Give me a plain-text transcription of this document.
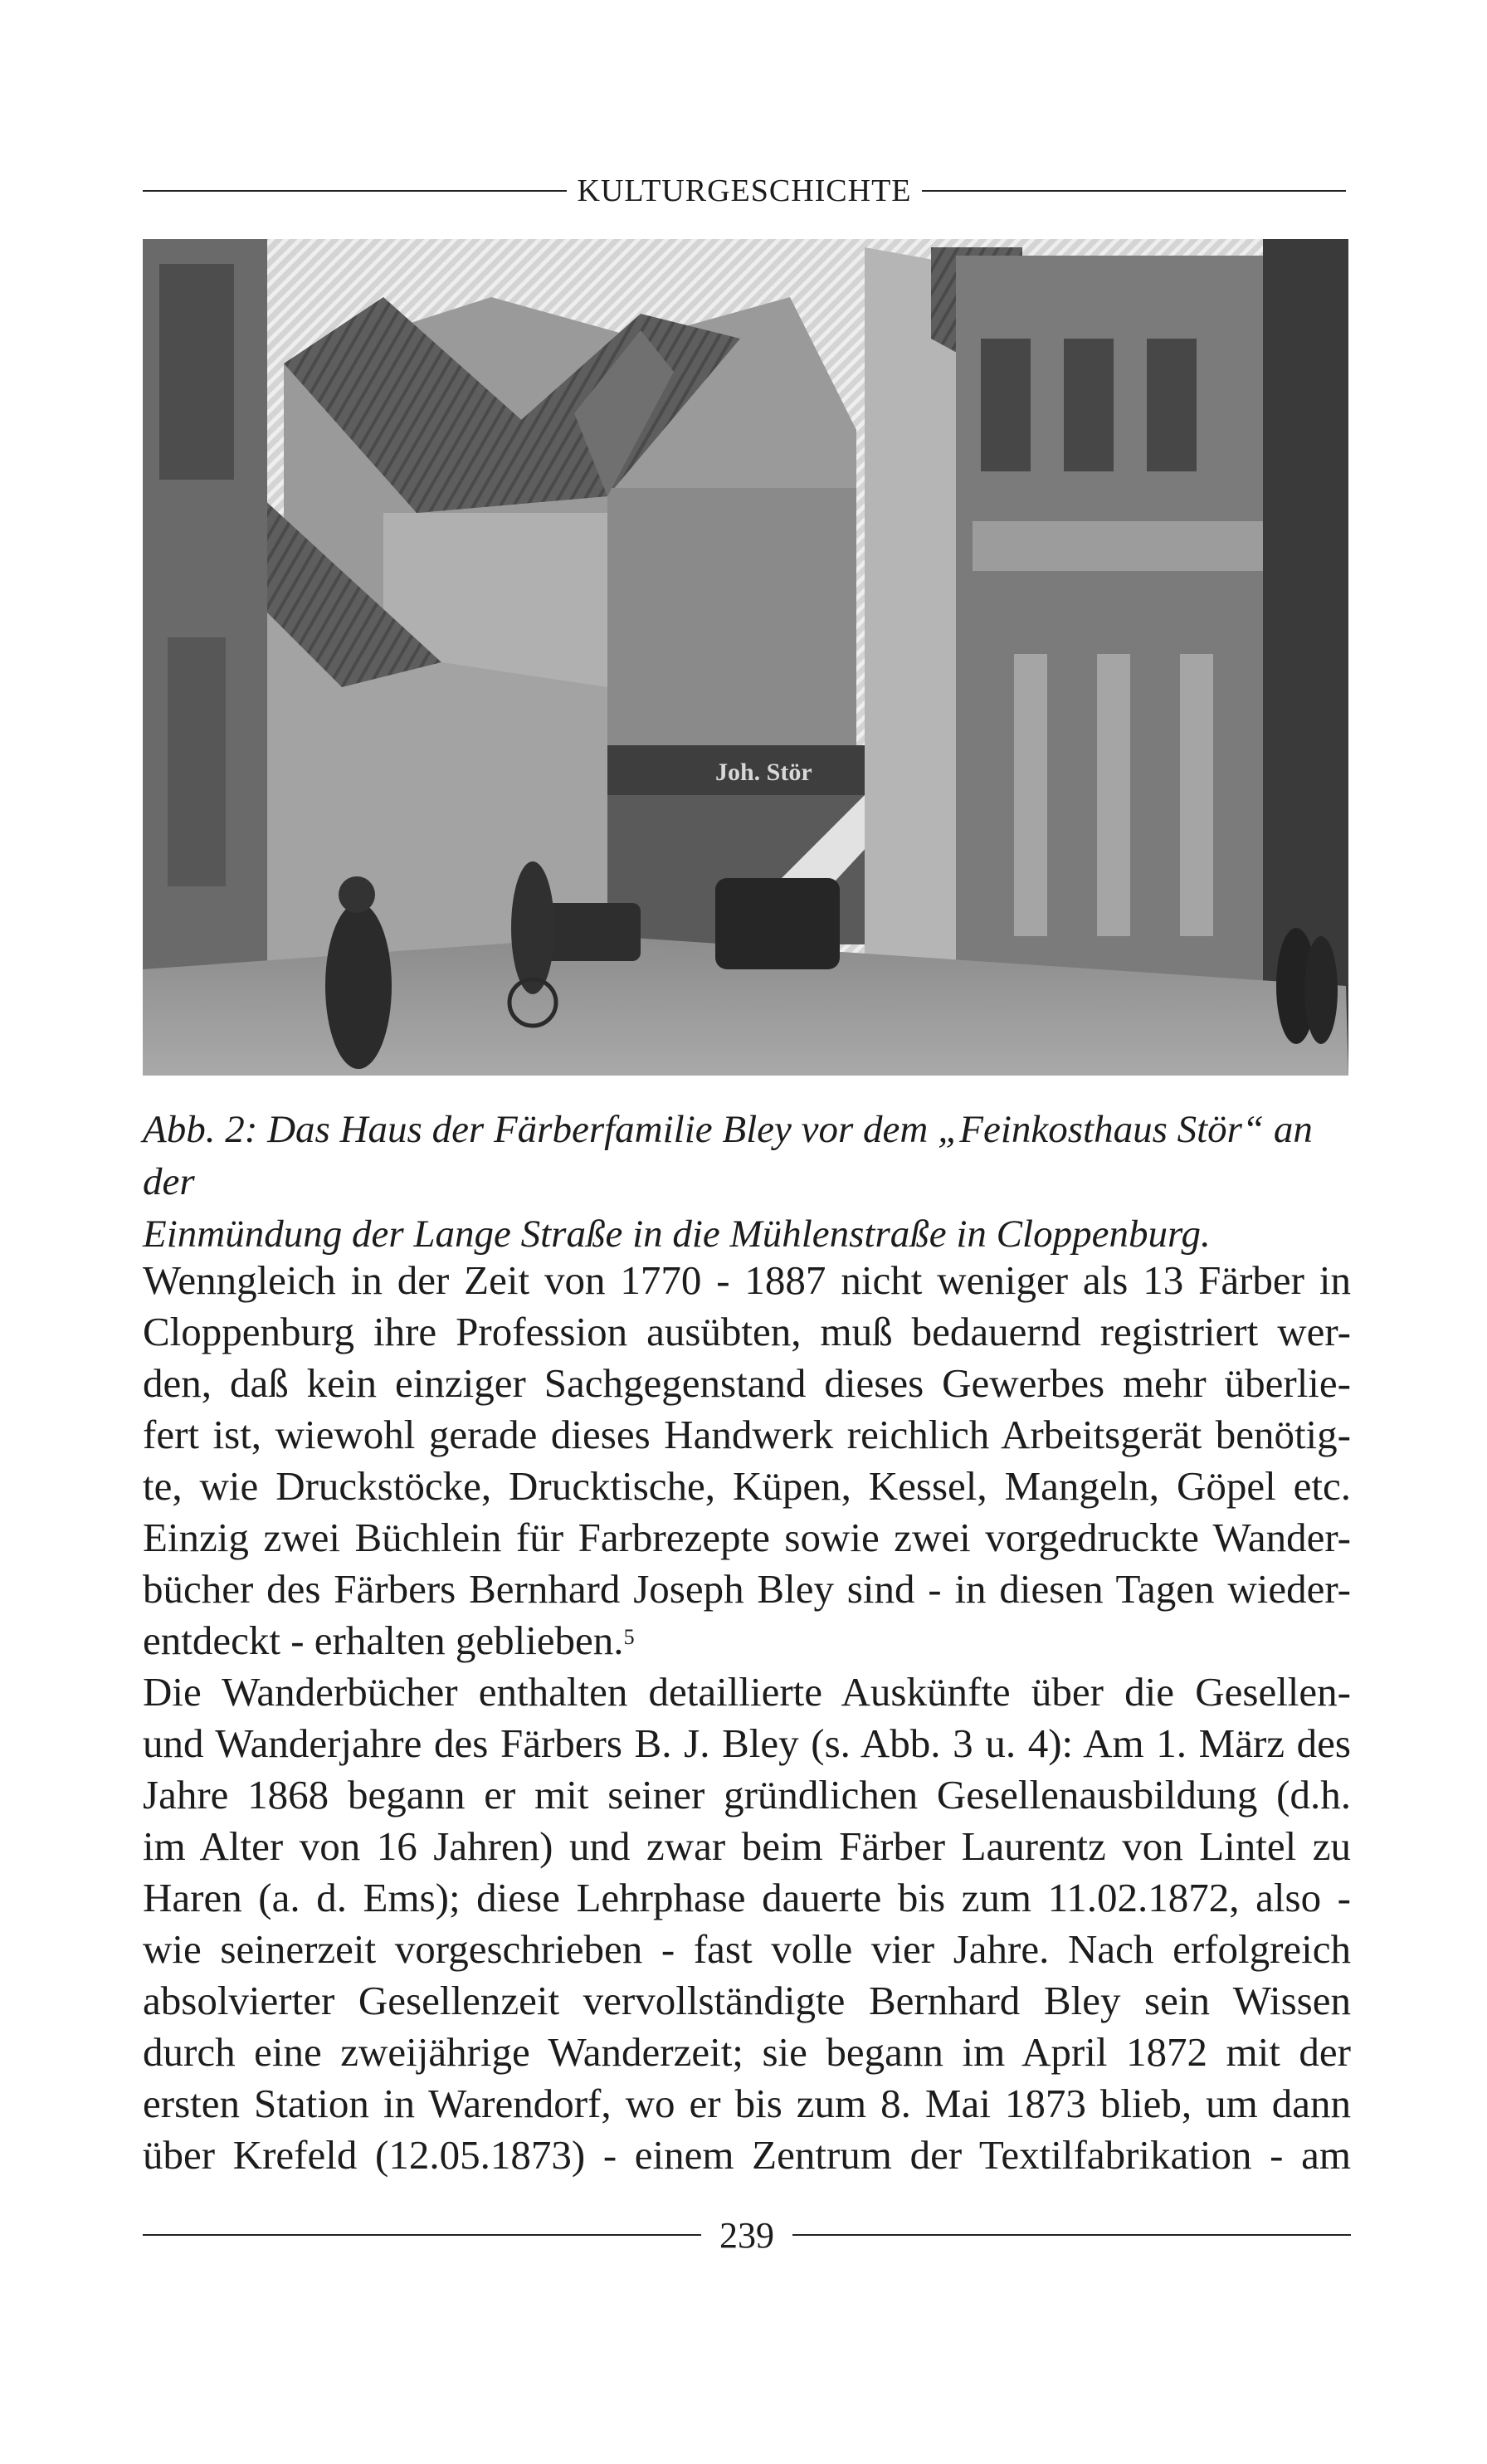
KULTURGESCHICHTE
Joh. Stör

Abb. 2: Das Haus der Färberfamilie Bley vor dem „Feinkosthaus Stör“ an der

Einmündung der Lange Straße in die Mühlenstraße in Cloppenburg.

Wenngleich in der Zeit von 1770 - 1887 nicht weniger als 13 Färber in
Cloppenburg ihre Profession ausübten, muß bedauernd registriert wer-
den, daß kein einziger Sachgegenstand dieses Gewerbes mehr überlie-
fert ist, wiewohl gerade dieses Handwerk reichlich Arbeitsgerät benötig-
te, wie Druckstöcke, Drucktische, Küpen, Kessel, Mangeln, Göpel etc.
Einzig zwei Büchlein für Farbrezepte sowie zwei vorgedruckte Wander-
bücher des Färbers Bernhard Joseph Bley sind - in diesen Tagen wieder-
entdeckt - erhalten geblieben.$^5$
Die Wanderbücher enthalten detaillierte Auskünfte über die Gesellen-
und Wanderjahre des Färbers B. J. Bley (s. Abb. 3 u. 4): Am 1. März des
Jahre 1868 begann er mit seiner gründlichen Gesellenausbildung (d.h.
im Alter von 16 Jahren) und zwar beim Färber Laurentz von Lintel zu
Haren (a. d. Ems); diese Lehrphase dauerte bis zum 11.02.1872, also -
wie seinerzeit vorgeschrieben - fast volle vier Jahre. Nach erfolgreich
absolvierter Gesellenzeit vervollständigte Bernhard Bley sein Wissen
durch eine zweijährige Wanderzeit; sie begann im April 1872 mit der
ersten Station in Warendorf, wo er bis zum 8. Mai 1873 blieb, um dann
über Krefeld (12.05.1873) - einem Zentrum der Textilfabrikation - am
239
